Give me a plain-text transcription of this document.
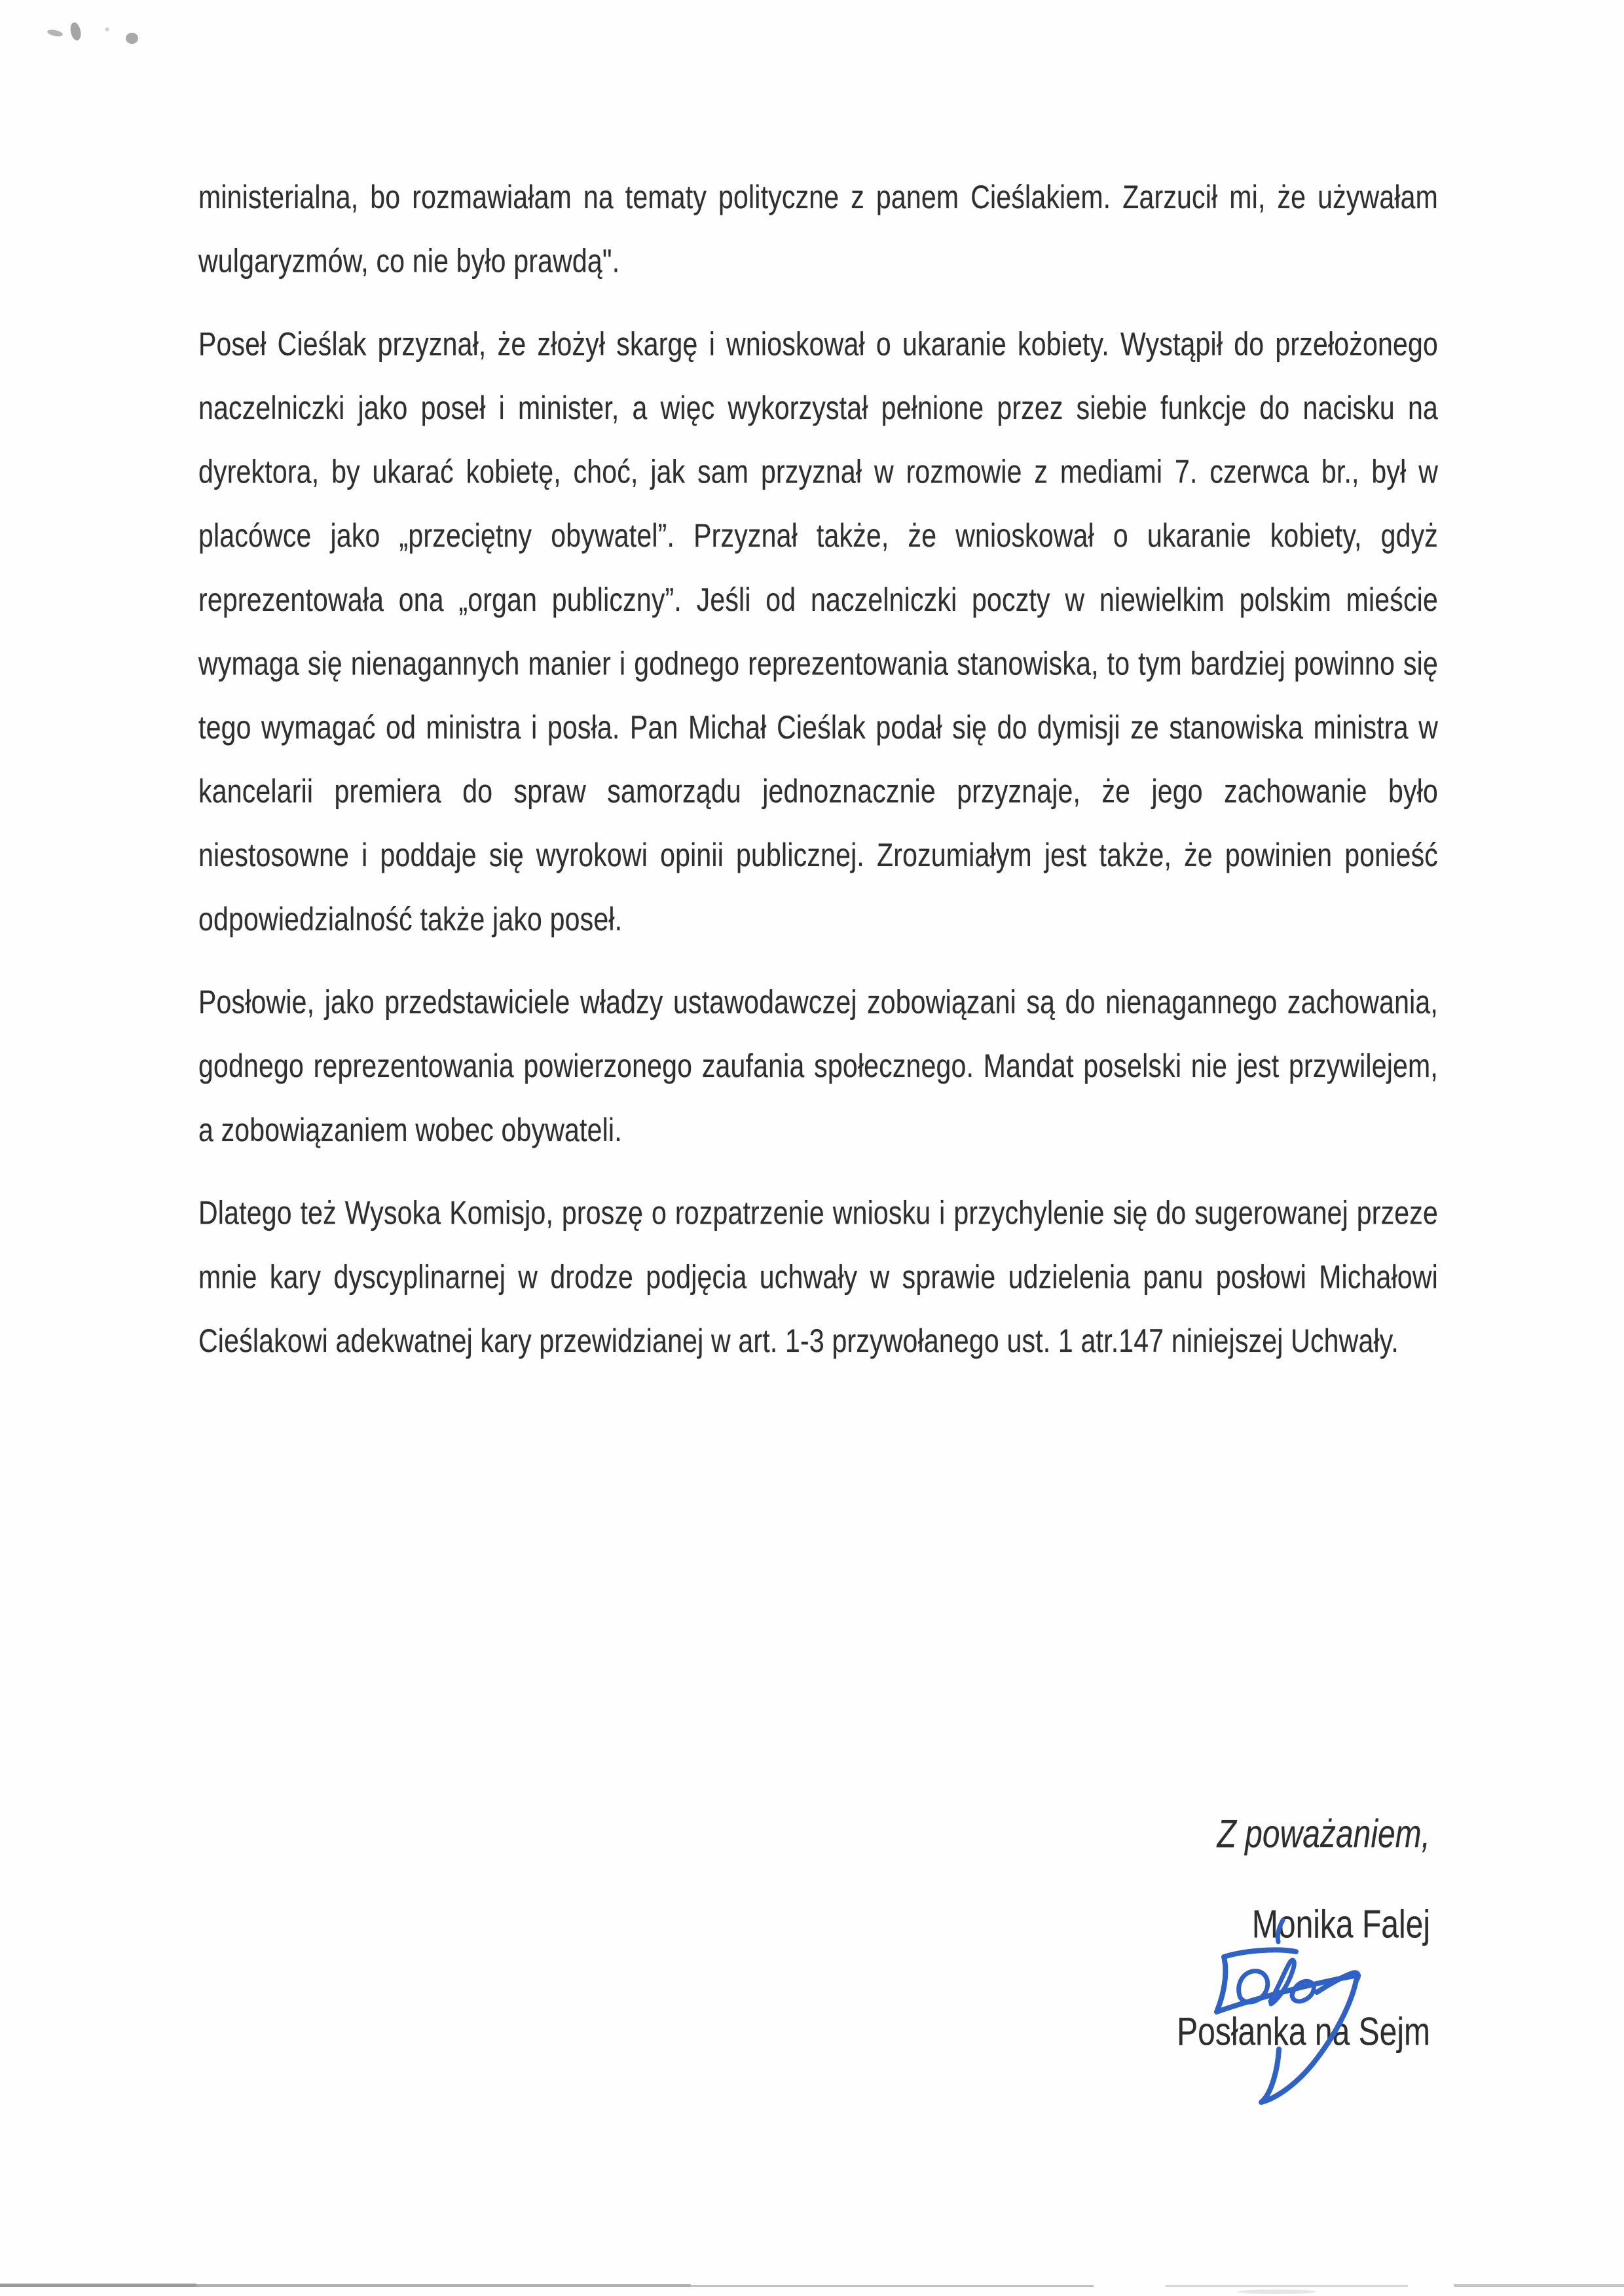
ministerialna, bo rozmawiałam na tematy polityczne z panem Cieślakiem. Zarzucił mi, że używałam wulgaryzmów, co nie było prawdą".

Poseł Cieślak przyznał, że złożył skargę i wnioskował o ukaranie kobiety. Wystąpił do przełożonego naczelniczki jako poseł i minister, a więc wykorzystał pełnione przez siebie funkcje do nacisku na dyrektora, by ukarać kobietę, choć, jak sam przyznał w rozmowie z mediami 7. czerwca br., był w placówce jako „przeciętny obywatel”. Przyznał także, że wnioskował o ukaranie kobiety, gdyż reprezentowała ona „organ publiczny”. Jeśli od naczelniczki poczty w niewielkim polskim mieście wymaga się nienagannych manier i godnego reprezentowania stanowiska, to tym bardziej powinno się tego wymagać od ministra i posła. Pan Michał Cieślak podał się do dymisji ze stanowiska ministra w kancelarii premiera do spraw samorządu jednoznacznie przyznaje, że jego zachowanie było niestosowne i poddaje się wyrokowi opinii publicznej. Zrozumiałym jest także, że powinien ponieść odpowiedzialność także jako poseł.

Posłowie, jako przedstawiciele władzy ustawodawczej zobowiązani są do nienagannego zachowania, godnego reprezentowania powierzonego zaufania społecznego. Mandat poselski nie jest przywilejem, a zobowiązaniem wobec obywateli.

Dlatego też Wysoka Komisjo, proszę o rozpatrzenie wniosku i przychylenie się do sugerowanej przeze mnie kary dyscyplinarnej w drodze podjęcia uchwały w sprawie udzielenia panu posłowi Michałowi Cieślakowi adekwatnej kary przewidzianej w art. 1-3 przywołanego ust. 1 atr.147 niniejszej Uchwały.

Z poważaniem,
Monika Falej
Posłanka na Sejm
